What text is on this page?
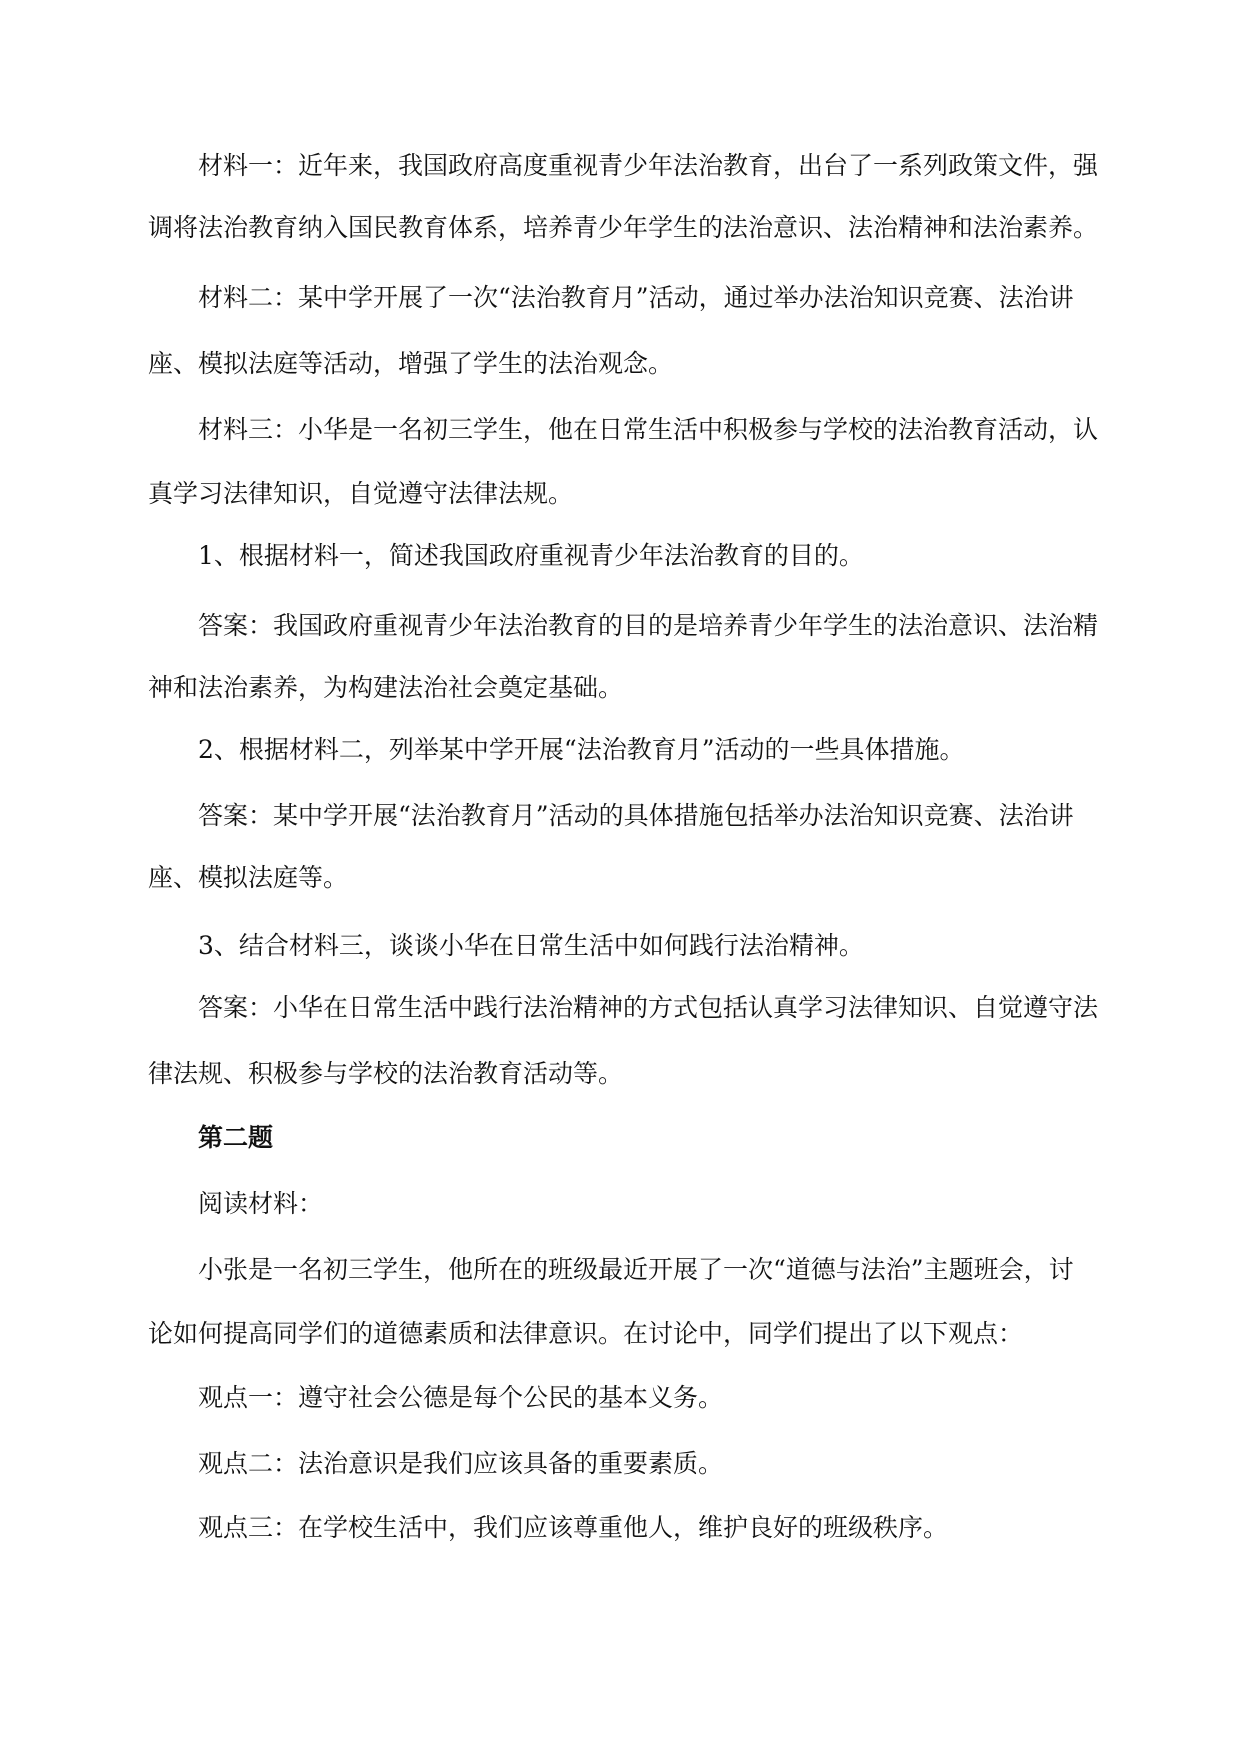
材料一：近年来，我国政府高度重视青少年法治教育，出台了一系列政策文件，强
调将法治教育纳入国民教育体系，培养青少年学生的法治意识、法治精神和法治素养。
材料二：某中学开展了一次“法治教育月”活动，通过举办法治知识竞赛、法治讲
座、模拟法庭等活动，增强了学生的法治观念。
材料三：小华是一名初三学生，他在日常生活中积极参与学校的法治教育活动，认
真学习法律知识，自觉遵守法律法规。
1、根据材料一，简述我国政府重视青少年法治教育的目的。
答案：我国政府重视青少年法治教育的目的是培养青少年学生的法治意识、法治精
神和法治素养，为构建法治社会奠定基础。
2、根据材料二，列举某中学开展“法治教育月”活动的一些具体措施。
答案：某中学开展“法治教育月”活动的具体措施包括举办法治知识竞赛、法治讲
座、模拟法庭等。
3、结合材料三，谈谈小华在日常生活中如何践行法治精神。
答案：小华在日常生活中践行法治精神的方式包括认真学习法律知识、自觉遵守法
律法规、积极参与学校的法治教育活动等。
第二题
阅读材料：
小张是一名初三学生，他所在的班级最近开展了一次“道德与法治”主题班会，讨
论如何提高同学们的道德素质和法律意识。在讨论中，同学们提出了以下观点：
观点一：遵守社会公德是每个公民的基本义务。
观点二：法治意识是我们应该具备的重要素质。
观点三：在学校生活中，我们应该尊重他人，维护良好的班级秩序。
